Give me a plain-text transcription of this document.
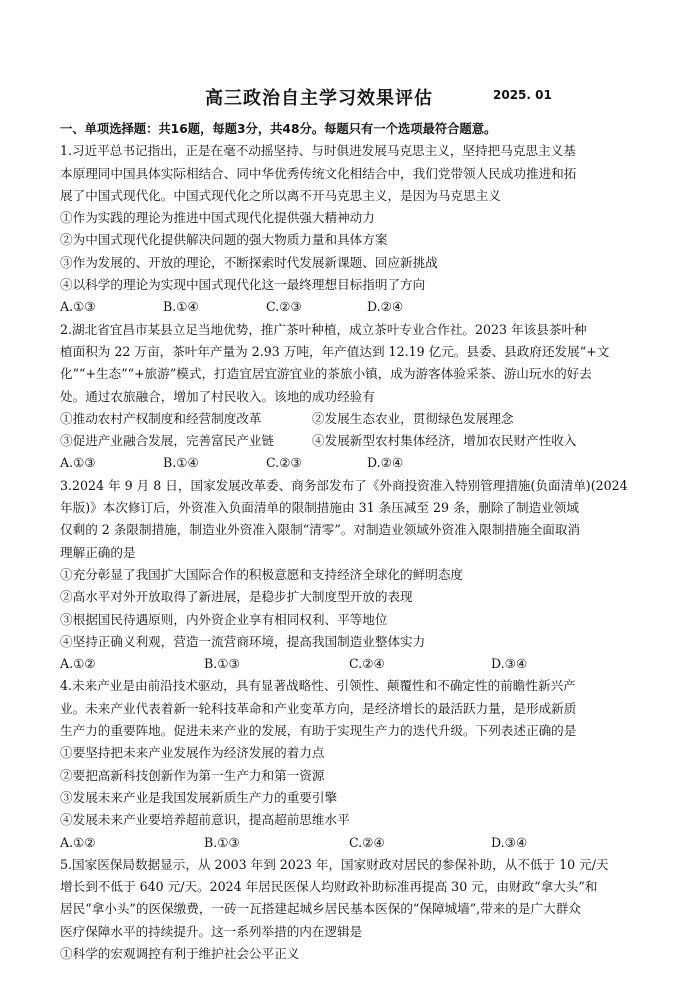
高三政治自主学习效果评估	2025. 01
一、单项选择题：共16题，每题3分，共48分。每题只有一个选项最符合题意。
1.习近平总书记指出，正是在毫不动摇坚持、与时俱进发展马克思主义，坚持把马克思主义基
本原理同中国具体实际相结合、同中华优秀传统文化相结合中，我们党带领人民成功推进和拓
展了中国式现代化。中国式现代化之所以离不开马克思主义，是因为马克思主义
①作为实践的理论为推进中国式现代化提供强大精神动力
②为中国式现代化提供解决问题的强大物质力量和具体方案
③作为发展的、开放的理论，不断探索时代发展新课题、回应新挑战
④以科学的理论为实现中国式现代化这一最终理想目标指明了方向
A.①③	B.①④	C.②③	D.②④
2.湖北省宜昌市某县立足当地优势，推广茶叶种植，成立茶叶专业合作社。2023 年该县茶叶种
植面积为 22 万亩，茶叶年产量为 2.93 万吨，年产值达到 12.19 亿元。县委、县政府还发展“+文
化”“+生态”“+旅游”模式，打造宜居宜游宜业的茶旅小镇，成为游客体验采茶、游山玩水的好去
处。通过农旅融合，增加了村民收入。该地的成功经验有
①推动农村产权制度和经营制度改革	②发展生态农业，贯彻绿色发展理念
③促进产业融合发展，完善富民产业链	④发展新型农村集体经济，增加农民财产性收入
A.①③	B.①④	C.②③	D.②④
3.2024 年 9 月 8 日，国家发展改革委、商务部发布了《外商投资准入特别管理措施(负面清单)(2024
年版)》本次修订后，外资准入负面清单的限制措施由 31 条压减至 29 条，删除了制造业领域
仅剩的 2 条限制措施，制造业外资准入限制“清零”。对制造业领域外资准入限制措施全面取消
理解正确的是
①充分彰显了我国扩大国际合作的积极意愿和支持经济全球化的鲜明态度
②高水平对外开放取得了新进展，是稳步扩大制度型开放的表现
③根据国民待遇原则，内外资企业享有相同权利、平等地位
④坚持正确义利观，营造一流营商环境，提高我国制造业整体实力
A.①②	B.①③	C.②④	D.③④
4.未来产业是由前沿技术驱动，具有显著战略性、引领性、颠覆性和不确定性的前瞻性新兴产
业。未来产业代表着新一轮科技革命和产业变革方向，是经济增长的最活跃力量，是形成新质
生产力的重要阵地。促进未来产业的发展，有助于实现生产力的迭代升级。下列表述正确的是
①要坚持把未来产业发展作为经济发展的着力点
②要把高新科技创新作为第一生产力和第一资源
③发展未来产业是我国发展新质生产力的重要引擎
④发展未来产业要培养超前意识，提高超前思维水平
A.①②	B.①③	C.②④	D.③④
5.国家医保局数据显示，从 2003 年到 2023 年，国家财政对居民的参保补助，从不低于 10 元/天
增长到不低于 640 元/天。2024 年居民医保人均财政补助标准再提高 30 元，由财政“拿大头”和
居民“拿小头”的医保缴费，一砖一瓦搭建起城乡居民基本医保的“保障城墙”,带来的是广大群众
医疗保障水平的持续提升。这一系列举措的内在逻辑是
①科学的宏观调控有利于维护社会公平正义
